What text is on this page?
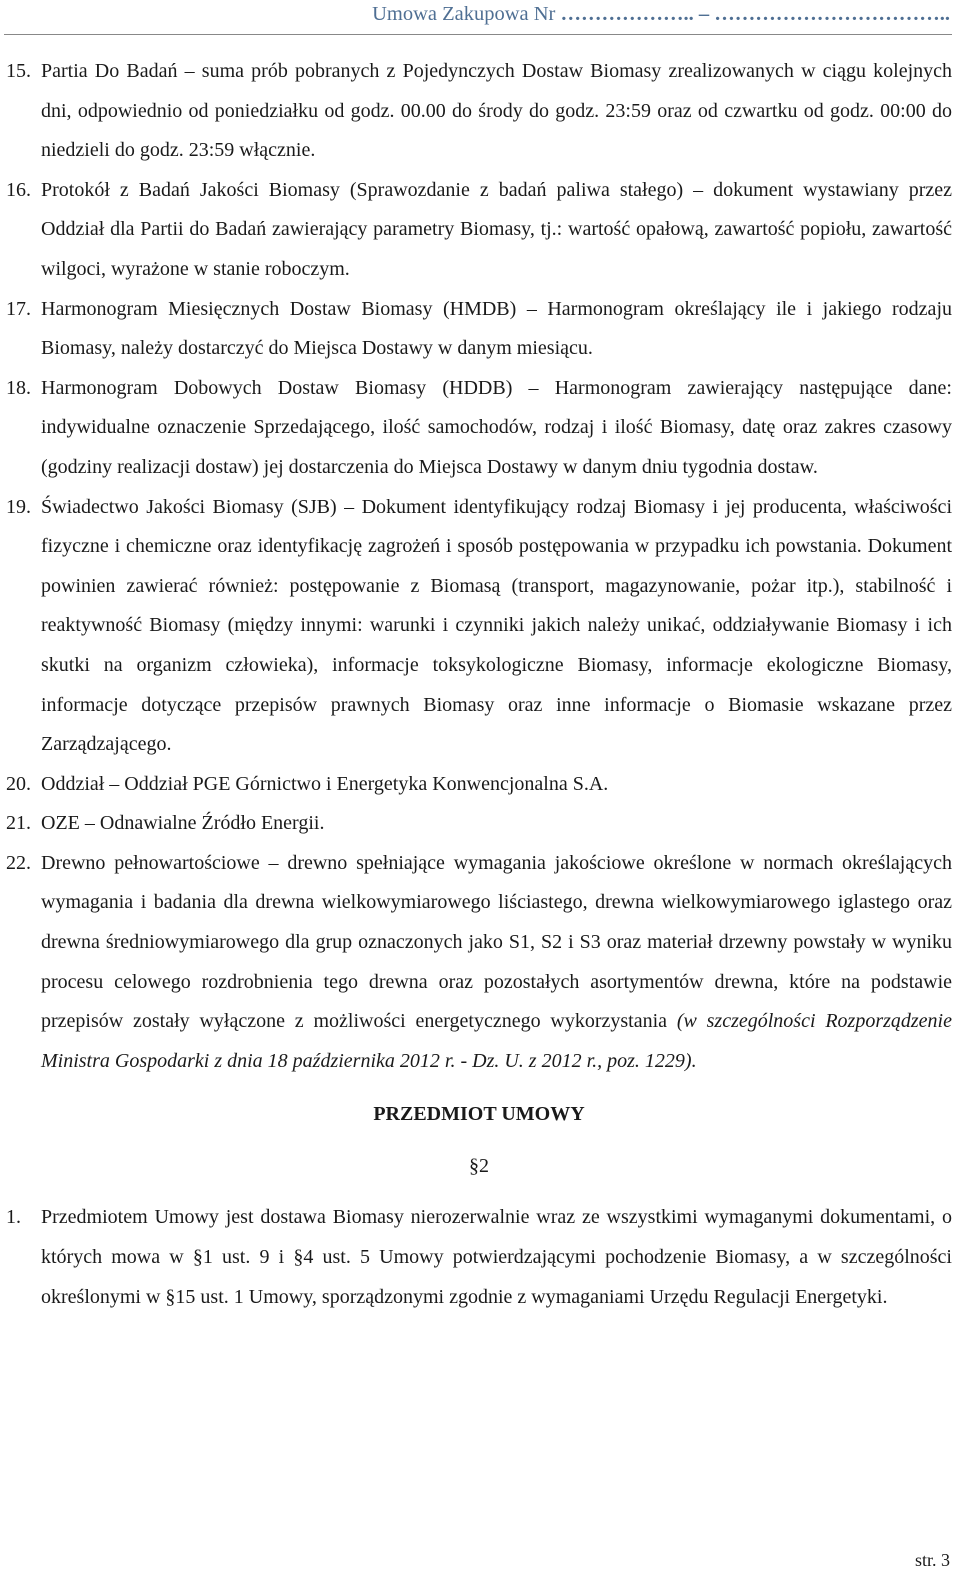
Umowa Zakupowa Nr ……………….. – ……………………………..
15. Partia Do Badań – suma prób pobranych z Pojedynczych Dostaw Biomasy zrealizowanych w ciągu kolejnych dni, odpowiednio od poniedziałku od godz. 00.00 do środy do godz. 23:59 oraz od czwartku od godz. 00:00 do niedzieli do godz. 23:59 włącznie.
16. Protokół z Badań Jakości Biomasy (Sprawozdanie z badań paliwa stałego) – dokument wystawiany przez Oddział dla Partii do Badań zawierający parametry Biomasy, tj.: wartość opałową, zawartość popiołu, zawartość wilgoci, wyrażone w stanie roboczym.
17. Harmonogram Miesięcznych Dostaw Biomasy (HMDB) – Harmonogram określający ile i jakiego rodzaju Biomasy, należy dostarczyć do Miejsca Dostawy w danym miesiącu.
18. Harmonogram Dobowych Dostaw Biomasy (HDDB) – Harmonogram zawierający następujące dane: indywidualne oznaczenie Sprzedającego, ilość samochodów, rodzaj i ilość Biomasy, datę oraz zakres czasowy (godziny realizacji dostaw) jej dostarczenia do Miejsca Dostawy w danym dniu tygodnia dostaw.
19. Świadectwo Jakości Biomasy (SJB) – Dokument identyfikujący rodzaj Biomasy i jej producenta, właściwości fizyczne i chemiczne oraz identyfikację zagrożeń i sposób postępowania w przypadku ich powstania. Dokument powinien zawierać również: postępowanie z Biomasą (transport, magazynowanie, pożar itp.), stabilność i reaktywność Biomasy (między innymi: warunki i czynniki jakich należy unikać, oddziaływanie Biomasy i ich skutki na organizm człowieka), informacje toksykologiczne Biomasy, informacje ekologiczne Biomasy, informacje dotyczące przepisów prawnych Biomasy oraz inne informacje o Biomasie wskazane przez Zarządzającego.
20. Oddział – Oddział PGE Górnictwo i Energetyka Konwencjonalna S.A.
21. OZE – Odnawialne Źródło Energii.
22. Drewno pełnowartościowe – drewno spełniające wymagania jakościowe określone w normach określających wymagania i badania dla drewna wielkowymiarowego liściastego, drewna wielkowymiarowego iglastego oraz drewna średniowymiarowego dla grup oznaczonych jako S1, S2 i S3 oraz materiał drzewny powstały w wyniku procesu celowego rozdrobnienia tego drewna oraz pozostałych asortymentów drewna, które na podstawie przepisów zostały wyłączone z możliwości energetycznego wykorzystania (w szczególności Rozporządzenie Ministra Gospodarki z dnia 18 października 2012 r. - Dz. U. z 2012 r., poz. 1229).
PRZEDMIOT UMOWY
§2
1.	Przedmiotem Umowy jest dostawa Biomasy nierozerwalnie wraz ze wszystkimi wymaganymi dokumentami, o których mowa w §1 ust. 9 i §4 ust. 5 Umowy potwierdzającymi pochodzenie Biomasy, a w szczególności określonymi w §15 ust. 1 Umowy, sporządzonymi zgodnie z wymaganiami Urzędu Regulacji Energetyki.
str. 3
